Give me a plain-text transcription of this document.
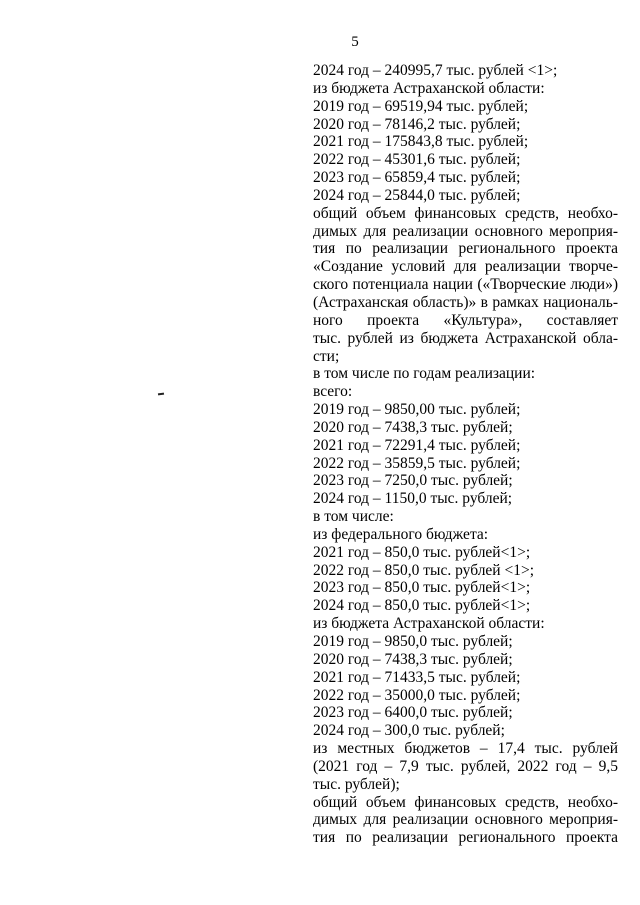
5
2024 год – 240995,7 тыс. рублей <1>;
из бюджета Астраханской области:
2019 год – 69519,94 тыс. рублей;
2020 год – 78146,2 тыс. рублей;
2021 год – 175843,8 тыс. рублей;
2022 год – 45301,6 тыс. рублей;
2023 год – 65859,4 тыс. рублей;
2024 год – 25844,0 тыс. рублей;
общий объем финансовых средств, необхо-
димых для реализации основного мероприя-
тия по реализации регионального проекта
«Создание условий для реализации творче-
ского потенциала нации («Творческие люди»)
(Астраханская область)» в рамках националь-
ного проекта «Культура», составляет
тыс. рублей из бюджета Астраханской обла-
сти;
в том числе по годам реализации:
всего:
2019 год – 9850,00 тыс. рублей;
2020 год – 7438,3 тыс. рублей;
2021 год – 72291,4 тыс. рублей;
2022 год – 35859,5 тыс. рублей;
2023 год – 7250,0 тыс. рублей;
2024 год – 1150,0 тыс. рублей;
в том числе:
из федерального бюджета:
2021 год – 850,0 тыс. рублей<1>;
2022 год – 850,0 тыс. рублей <1>;
2023 год – 850,0 тыс. рублей<1>;
2024 год – 850,0 тыс. рублей<1>;
из бюджета Астраханской области:
2019 год – 9850,0 тыс. рублей;
2020 год – 7438,3 тыс. рублей;
2021 год – 71433,5 тыс. рублей;
2022 год – 35000,0 тыс. рублей;
2023 год – 6400,0 тыс. рублей;
2024 год – 300,0 тыс. рублей;
из местных бюджетов – 17,4 тыс. рублей
(2021 год – 7,9 тыс. рублей, 2022 год – 9,5
тыс. рублей);
общий объем финансовых средств, необхо-
димых для реализации основного мероприя-
тия по реализации регионального проекта
